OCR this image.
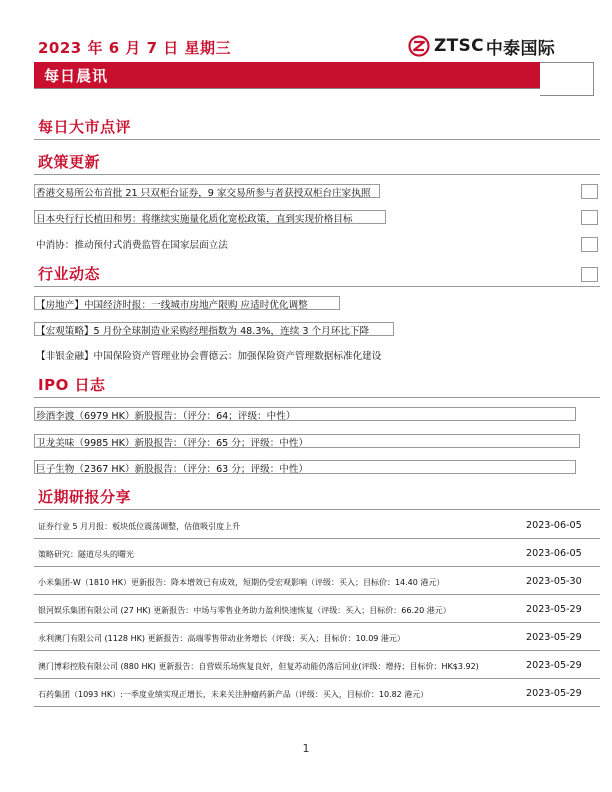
2023 年 6 月 7 日 星期三	ZTSC 中泰国际
每日晨讯
每日大市点评
政策更新
香港交易所公布首批 21 只双柜台证券，9 家交易所参与者获授双柜台庄家执照
日本央行行长植田和男：将继续实施量化质化宽松政策，直到实现价格目标
中消协：推动预付式消费监管在国家层面立法
行业动态
【房地产】中国经济时报：一线城市房地产限购 应适时优化调整
【宏观策略】5 月份全球制造业采购经理指数为 48.3%，连续 3 个月环比下降
【非银金融】中国保险资产管理业协会曹德云：加强保险资产管理数据标准化建设
IPO 日志
珍酒李渡（6979 HK）新股报告：（评分：64；评级：中性）
卫龙美味（9985 HK）新股报告：（评分：65 分；评级：中性）
巨子生物（2367 HK）新股报告：（评分：63 分；评级：中性）
近期研报分享
证券行业 5 月月报：板块低位震荡调整，估值吸引度上升	2023-06-05
策略研究：隧道尽头的曙光	2023-06-05
小米集团-W（1810 HK）更新报告：降本增效已有成效，短期仍受宏观影响（评级：买入；目标价：14.40 港元）	2023-05-30
银河娱乐集团有限公司 (27 HK) 更新报告：中场与零售业务助力盈利快速恢复（评级：买入；目标价：66.20 港元）	2023-05-29
永利澳门有限公司 (1128 HK) 更新报告：高端零售带动业务增长（评级：买入；目标价：10.09 港元）	2023-05-29
澳门博彩控股有限公司 (880 HK) 更新报告：自营娱乐场恢复良好，但复苏动能仍落后同业(评级：增持；目标价：HK$3.92)	2023-05-29
石药集团（1093 HK）:一季度业绩实现正增长，未来关注肿瘤药新产品（评级：买入，目标价：10.82 港元）	2023-05-29
1
